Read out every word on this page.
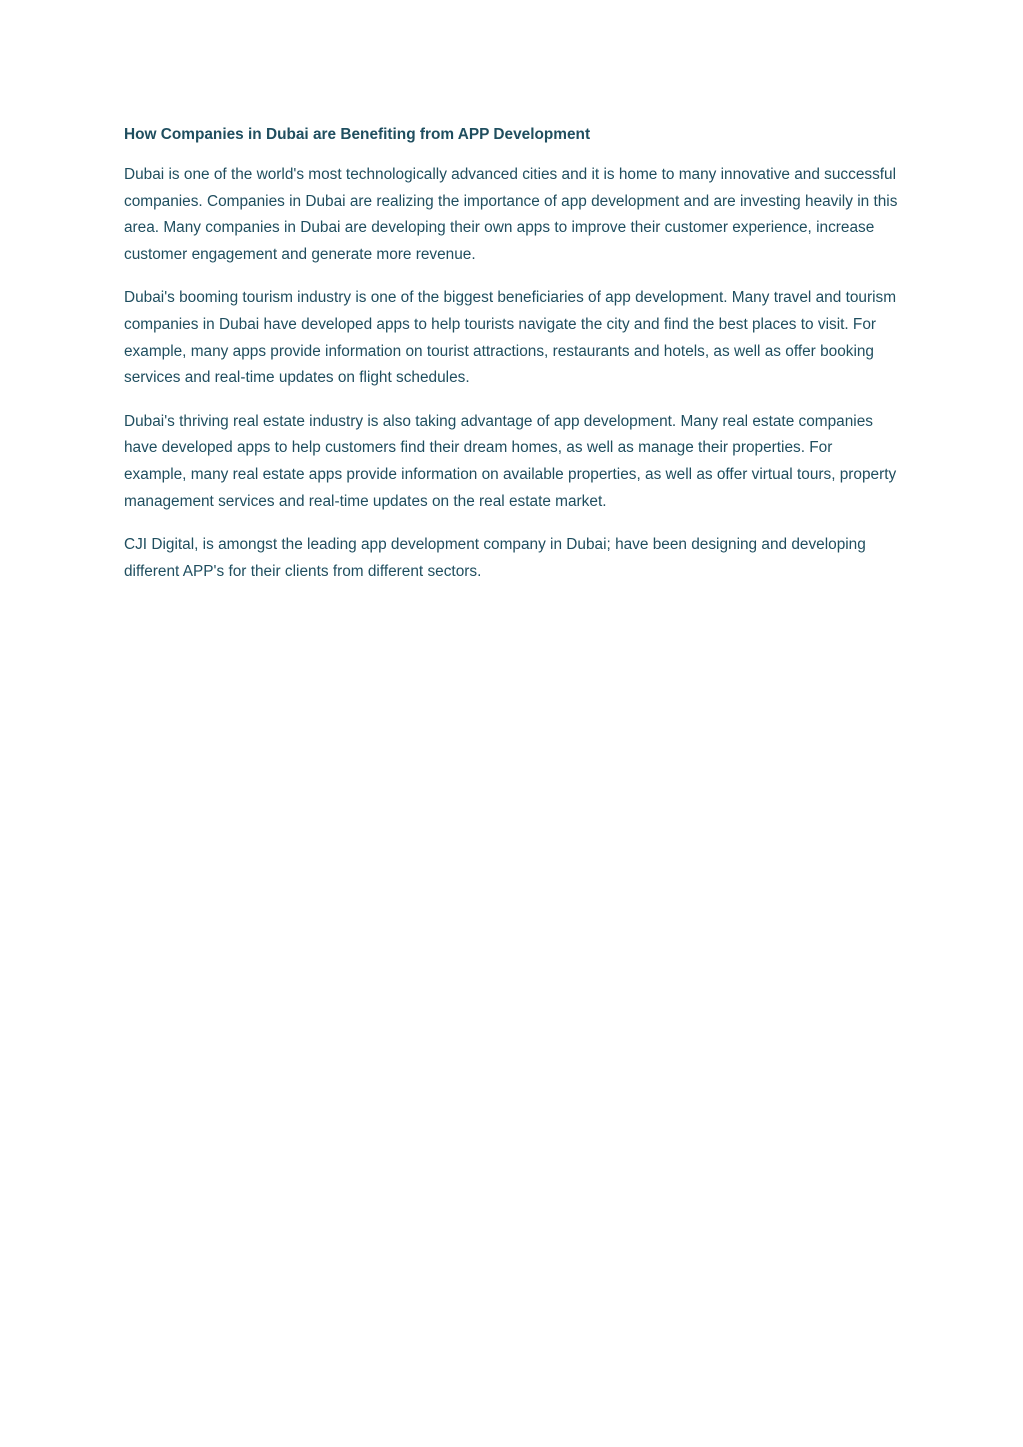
How Companies in Dubai are Benefiting from APP Development

Dubai is one of the world's most technologically advanced cities and it is home to many innovative and successful companies. Companies in Dubai are realizing the importance of app development and are investing heavily in this area. Many companies in Dubai are developing their own apps to improve their customer experience, increase customer engagement and generate more revenue.

Dubai's booming tourism industry is one of the biggest beneficiaries of app development. Many travel and tourism companies in Dubai have developed apps to help tourists navigate the city and find the best places to visit. For example, many apps provide information on tourist attractions, restaurants and hotels, as well as offer booking services and real-time updates on flight schedules.

Dubai's thriving real estate industry is also taking advantage of app development. Many real estate companies have developed apps to help customers find their dream homes, as well as manage their properties. For example, many real estate apps provide information on available properties, as well as offer virtual tours, property management services and real-time updates on the real estate market.

CJI Digital, is amongst the leading app development company in Dubai; have been designing and developing different APP's for their clients from different sectors.
